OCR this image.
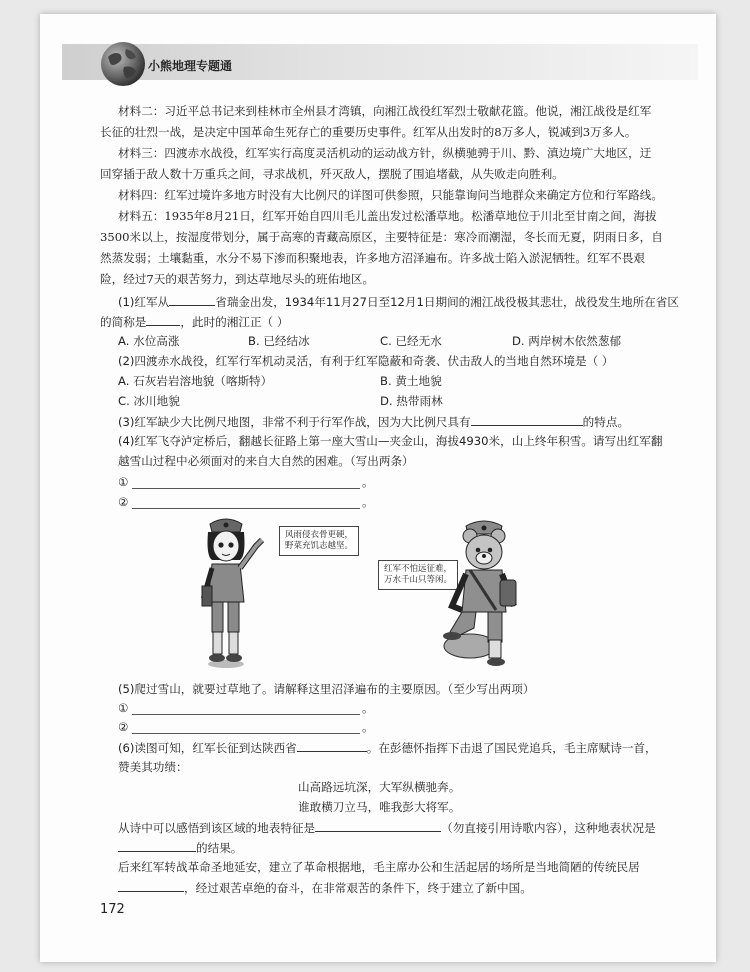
小熊地理专题通
材料二：习近平总书记来到桂林市全州县才湾镇，向湘江战役红军烈士敬献花篮。他说，湘江战役是红军
长征的壮烈一战，是决定中国革命生死存亡的重要历史事件。红军从出发时的8万多人，锐减到3万多人。
材料三：四渡赤水战役，红军实行高度灵活机动的运动战方针，纵横驰骋于川、黔、滇边境广大地区，迂
回穿插于敌人数十万重兵之间，寻求战机，歼灭敌人，摆脱了围追堵截，从失败走向胜利。
材料四：红军过境许多地方时没有大比例尺的详图可供参照，只能靠询问当地群众来确定方位和行军路线。
材料五：1935年8月21日，红军开始自四川毛儿盖出发过松潘草地。松潘草地位于川北至甘南之间，海拔
3500米以上，按湿度带划分，属于高寒的青藏高原区，主要特征是：寒冷而潮湿，冬长而无夏，阴雨日多，自
然蒸发弱；土壤黏重，水分不易下渗而积聚地表，许多地方沼泽遍布。许多战士陷入淤泥牺牲。红军不畏艰
险，经过7天的艰苦努力，到达草地尽头的班佑地区。
(1)红军从	省瑞金出发，1934年11月27日至12月1日期间的湘江战役极其悲壮，战役发生地所在省区
的简称是	，此时的湘江正（ ）
A. 水位高涨	B. 已经结冰	C. 已经无水	D. 两岸树木依然葱郁
(2)四渡赤水战役，红军行军机动灵活，有利于红军隐蔽和奇袭、伏击敌人的当地自然环境是（ ）
A. 石灰岩岩溶地貌（喀斯特）	B. 黄土地貌
C. 冰川地貌	D. 热带雨林
(3)红军缺少大比例尺地图，非常不利于行军作战，因为大比例尺具有	的特点。
(4)红军飞夺泸定桥后，翻越长征路上第一座大雪山—夹金山，海拔4930米，山上终年积雪。请写出红军翻
越雪山过程中必须面对的来自大自然的困难。（写出两条）
①	。
②	。
风雨侵衣骨更硬，
野菜充饥志越坚。
红军不怕远征难，
万水千山只等闲。
(5)爬过雪山，就要过草地了。请解释这里沼泽遍布的主要原因。（至少写出两项）
①	。
②	。
(6)读图可知，红军长征到达陕西省	。在彭德怀指挥下击退了国民党追兵，毛主席赋诗一首，
赞美其功绩：
山高路远坑深，大军纵横驰奔。
谁敢横刀立马，唯我彭大将军。
从诗中可以感悟到该区域的地表特征是	（勿直接引用诗歌内容），这种地表状况是
的结果。
后来红军转战革命圣地延安，建立了革命根据地，毛主席办公和生活起居的场所是当地简陋的传统民居
，经过艰苦卓绝的奋斗，在非常艰苦的条件下，终于建立了新中国。
172
